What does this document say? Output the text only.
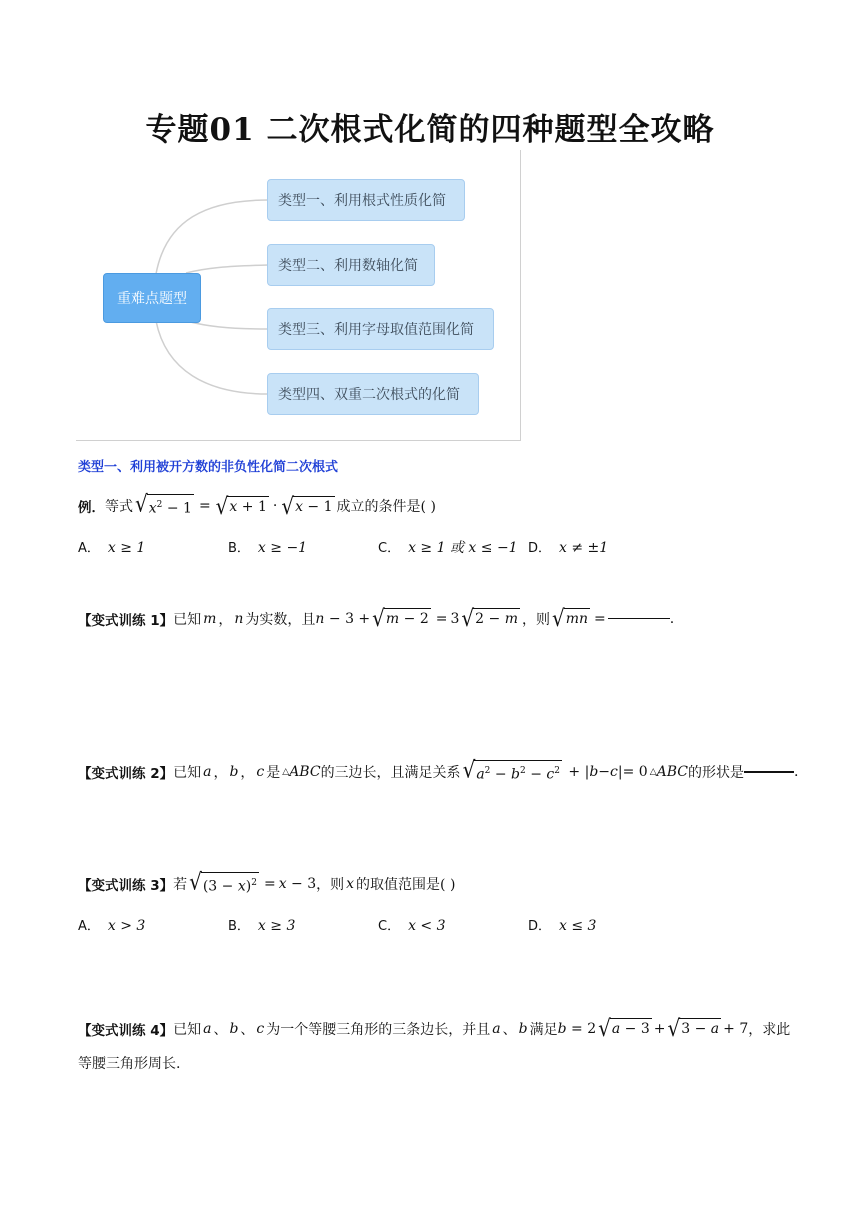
专题01 二次根式化简的四种题型全攻略
重难点题型
类型一、利用根式性质化简
类型二、利用数轴化简
类型三、利用字母取值范围化简
类型四、双重二次根式的化简
类型一、利用被开方数的非负性化简二次根式
例． 等式 √ $x^2 - 1$ = √ x + 1 · √ x − 1 成立的条件是( )
A． x ≥ 1	B． x ≥ −1	C． x ≥ 1 或 x ≤ −1 D． x ≠ ±1
【变式训练 1】 已知 m ， n 为实数，且 n − 3 + √ m − 2 = 3 √ 2 − m ，则 √ mn =	.
【变式训练 2】 已知 a ， b ， c 是 △ ABC 的三边长，且满足关系 √ $a^2 - b^2 - c^2$ + | b − c |= 0 △ ABC 的形状是	.
【变式训练 3】 若 √ $(3 - x)^2 = x - 3$ ，则 x 的取值范围是( )
A． x > 3	B． x ≥ 3	C． x < 3	D． x ≤ 3
【变式训练 4】 已知 a 、 b 、 c 为一个等腰三角形的三条边长，并且 a 、 b 满足 b = 2 √ a − 3 + √ 3 − a + 7 ，求此
等腰三角形周长.
